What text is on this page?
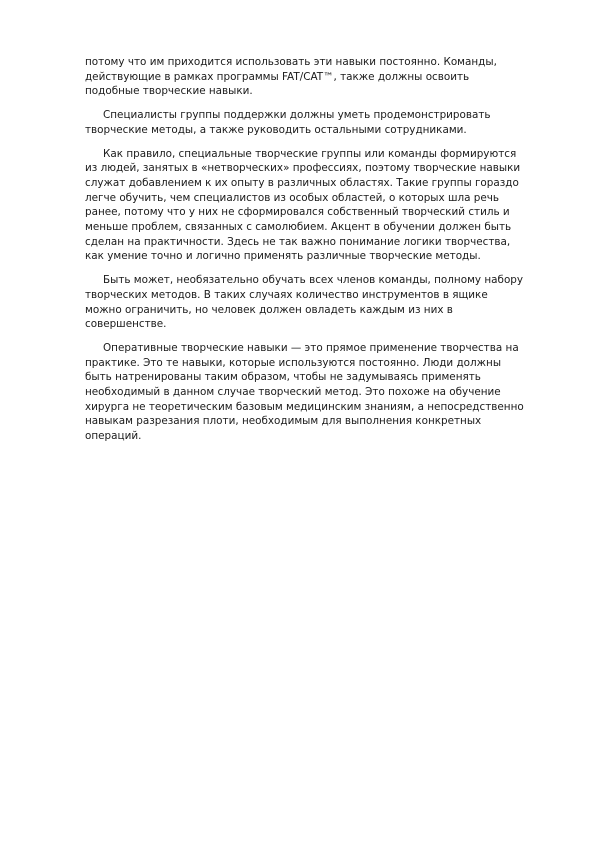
потому что им приходится использовать эти навыки постоянно. Команды,
действующие в рамках программы FAT/CAT™, также должны освоить
подобные творческие навыки.

Специалисты группы поддержки должны уметь продемонстрировать
творческие методы, а также руководить остальными сотрудниками.

Как правило, специальные творческие группы или команды формируются
из людей, занятых в «нетворческих» профессиях, поэтому творческие навыки
служат добавлением к их опыту в различных областях. Такие группы гораздо
легче обучить, чем специалистов из особых областей, о которых шла речь
ранее, потому что у них не сформировался собственный творческий стиль и
меньше проблем, связанных с самолюбием. Акцент в обучении должен быть
сделан на практичности. Здесь не так важно понимание логики творчества,
как умение точно и логично применять различные творческие методы.

Быть может, необязательно обучать всех членов команды, полному набору
творческих методов. В таких случаях количество инструментов в ящике
можно ограничить, но человек должен овладеть каждым из них в
совершенстве.

Оперативные творческие навыки — это прямое применение творчества на
практике. Это те навыки, которые используются постоянно. Люди должны
быть натренированы таким образом, чтобы не задумываясь применять
необходимый в данном случае творческий метод. Это похоже на обучение
хирурга не теоретическим базовым медицинским знаниям, а непосредственно
навыкам разрезания плоти, необходимым для выполнения конкретных
операций.
